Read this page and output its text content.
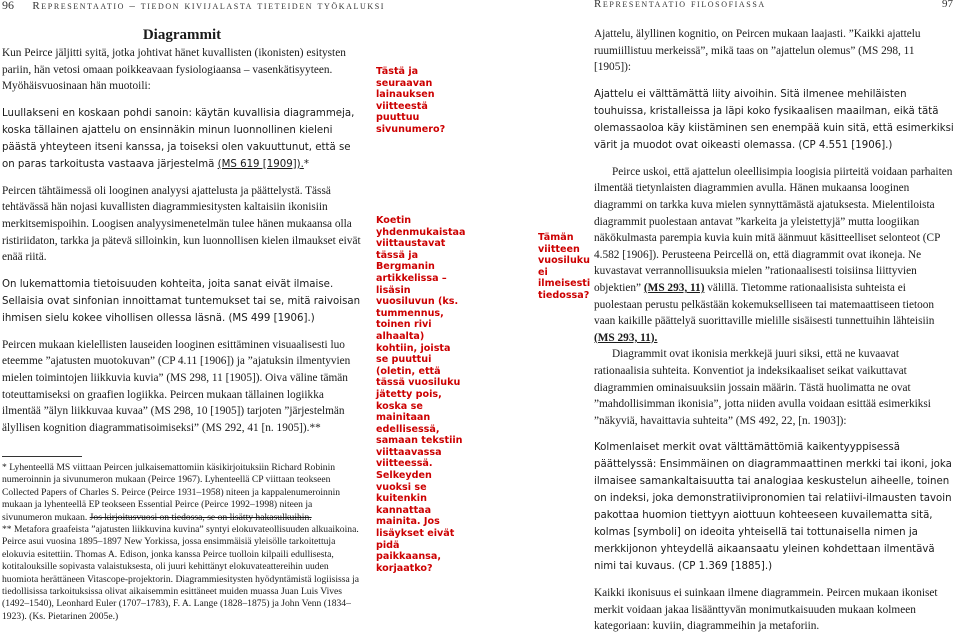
96 Representaatio – tiedon kivijalasta tieteiden työkaluksi

Diagrammit

Kun Peirce jäljitti syitä, jotka johtivat hänet kuvallisten (ikonisten) esitysten pariin, hän vetosi omaan poikkeavaan fysiologiaansa – vasenkätisyyteen. Myöhäisvuosinaan hän muotoili:

Luullakseni en koskaan pohdi sanoin: käytän kuvallisia diagrammeja, koska tällainen ajattelu on ensinnäkin minun luonnollinen kieleni päästä yhteyteen itseni kanssa, ja toiseksi olen vakuuttunut, että se on paras tarkoitusta vastaava järjestelmä (MS 619 [1909]).*

Peircen tähtäimessä oli looginen analyysi ajattelusta ja päättelystä. Tässä tehtävässä hän nojasi kuvallisten diagrammiesitysten kaltaisiin ikonisiin merkitsemispoihin. Loogisen analyysimenetelmän tulee hänen mukaansa olla ristiriidaton, tarkka ja pätevä silloinkin, kun luonnollisen kielen ilmaukset eivät enää riitä.

On lukemattomia tietoisuuden kohteita, joita sanat eivät ilmaise. Sellaisia ovat sinfonian innoittamat tuntemukset tai se, mitä raivoisan ihmisen sielu kokee vihollisen ollessa läsnä. (MS 499 [1906].)

Peircen mukaan kielellisten lauseiden looginen esittäminen visuaalisesti luo eteemme ”ajatusten muotokuvan” (CP 4.11 [1906]) ja ”ajatuksin ilmentyvien mielen toimintojen liikkuvia kuvia” (MS 298, 11 [1905]). Oiva väline tämän toteuttamiseksi on graafien logiikka. Peircen mukaan tällainen logiikka ilmentää ”älyn liikkuvaa kuvaa” (MS 298, 10 [1905]) tarjoten ”järjestelmän älyllisen kognition diagrammatisoimiseksi” (MS 292, 41 [n. 1905]).**

* Lyhenteellä MS viittaan Peircen julkaisemattomiin käsikirjoituksiin Richard Robinin numeroinnin ja sivunumeron mukaan (Peirce 1967). Lyhenteellä CP viittaan teokseen Collected Papers of Charles S. Peirce (Peirce 1931–1958) niteen ja kappalenumeroinnin mukaan ja lyhenteellä EP teokseen Essential Peirce (Peirce 1992–1998) niteen ja sivunumeron mukaan. Jos kirjoitusvuosi on tiedossa, se on lisätty hakasulkuihin.
** Metafora graafeista ”ajatusten liikkuvina kuvina” syntyi elokuvateollisuuden alkuaikoina. Peirce asui vuosina 1895–1897 New Yorkissa, jossa ensimmäisiä yleisölle tarkoitettuja elokuvia esitettiin. Thomas A. Edison, jonka kanssa Peirce tuolloin kilpaili edullisesta, kotitalouksille sopivasta valaistuksesta, oli juuri kehittänyt elokuvateattereihin uuden huomiota herättäneen Vitascope-projektorin. Diagrammiesitysten hyödyntämistä logiisissa ja tiedollisissa tarkoituksissa olivat aikaisemmin esittäneet muiden muassa Juan Luis Vives (1492–1540), Leonhard Euler (1707–1783), F. A. Lange (1828–1875) ja John Venn (1834–1923). (Ks. Pietarinen 2005e.)
Tästä ja seuraavan lainauksen viitteestä puuttuu sivunumero?
Koetin yhdenmukaistaa viittaustavat tässä ja Bergmanin artikkelissa – lisäsin vuosiluvun (ks. tummennus, toinen rivi alhaalta) kohtiin, joista se puuttui (oletin, että tässä vuosiluku jätetty pois, koska se mainitaan edellisessä, samaan tekstiin viittaavassa viitteessä. Selkeyden vuoksi se kuitenkin kannattaa mainita. Jos lisäykset eivät pidä paikkaansa, korjaatko?
Tämän viitteen vuosiluku ei ilmeisesti tiedossa?
Representaatio filosofiassa	97

Ajattelu, älyllinen kognitio, on Peircen mukaan laajasti. ”Kaikki ajattelu ruumiillistuu merkeissä”, mikä taas on ”ajattelun olemus” (MS 298, 11 [1905]):

Ajattelu ei välttämättä liity aivoihin. Sitä ilmenee mehiläisten touhuissa, kristalleissa ja läpi koko fysikaalisen maailman, eikä tätä olemassaoloa käy kiistäminen sen enempää kuin sitä, että esimerkiksi värit ja muodot ovat oikeasti olemassa. (CP 4.551 [1906].)

Peirce uskoi, että ajattelun oleellisimpia loogisia piirteitä voidaan parhaiten ilmentää tietynlaisten diagrammien avulla. Hänen mukaansa looginen diagrammi on tarkka kuva mielen synnyttämästä ajatuksesta. Mielentiloista diagrammit puolestaan antavat ”karkeita ja yleistettyjä” mutta loogiikan näkökulmasta parempia kuvia kuin mitä äänmuut käsitteelliset selonteot (CP 4.582 [1906]). Perusteena Peircellä on, että diagrammit ovat ikoneja. Ne kuvastavat verrannollisuuksia mielen ”rationaalisesti toisiinsa liittyvien objektien” (MS 293, 11) välillä. Tietomme rationaalisista suhteista ei puolestaan perustu pelkästään kokemukselliseen tai matemaattiseen tietoon vaan kaikille päättelyä suorittaville mielille sisäisesti tunnettuihin lähteisiin (MS 293, 11).

Diagrammit ovat ikonisia merkkejä juuri siksi, että ne kuvaavat rationaalisia suhteita. Konventiot ja indeksikaaliset seikat vaikuttavat diagrammien ominaisuuksiin jossain määrin. Tästä huolimatta ne ovat ”mahdollisimman ikonisia”, jotta niiden avulla voidaan esittää esimerkiksi ”näkyviä, havaittavia suhteita” (MS 492, 22, [n. 1903]):

Kolmenlaiset merkit ovat välttämättömiä kaikentyyppisessä päättelyssä: Ensimmäinen on diagrammaattinen merkki tai ikoni, joka ilmaisee samankaltaisuutta tai analogiaa keskustelun aiheelle, toinen on indeksi, joka demonstratiivipronomien tai relatiivi-ilmausten tavoin pakottaa huomion tiettyyn aiottuun kohteeseen kuvailematta sitä, kolmas [symboli] on ideoita yhteisellä tai tottunaisella nimen ja merkkijonon yhteydellä aikaansaatu yleinen kohdettaan ilmentävä nimi tai kuvaus. (CP 1.369 [1885].)

Kaikki ikonisuus ei suinkaan ilmene diagrammein. Peircen mukaan ikoniset merkit voidaan jakaa lisäänttyvän monimutkaisuuden mukaan kolmeen kategoriaan: kuviin, diagrammeihin ja metaforiin.
